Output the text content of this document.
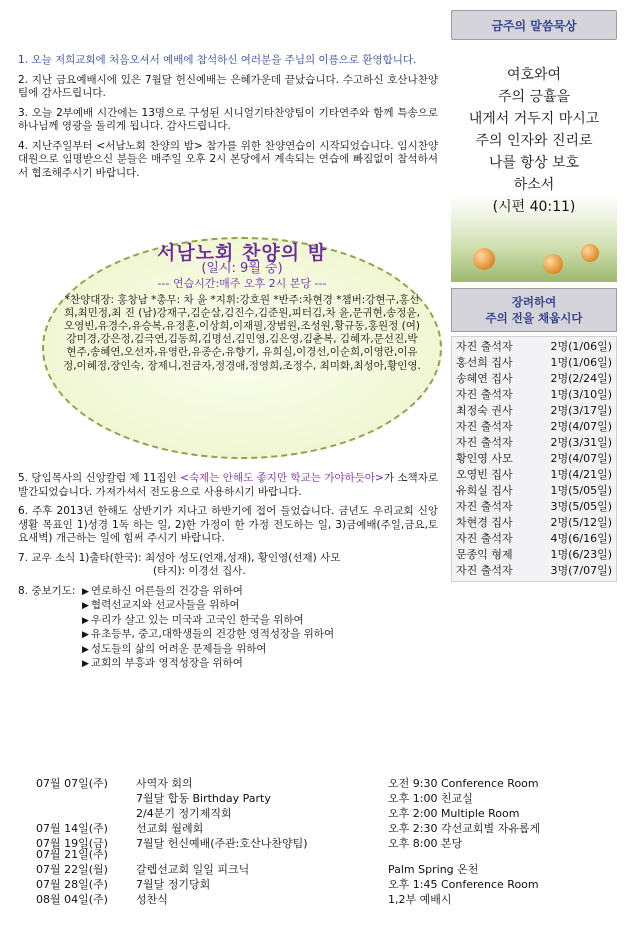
1. 오늘 저희교회에 처음오셔서 예배에 참석하신 여러분을 주님의 이름으로 환영합니다.

2. 지난 금요예배시에 있은 7월달 헌신예배는 은혜가운데 끝났습니다. 수고하신 호산나찬양팀에 감사드립니다.

3. 오늘 2부예배 시간에는 13명으로 구성된 시니얼기타찬양팀이 기타연주와 함께 특송으로 하나님께 영광을 돌리게 됩니다. 감사드립니다.

4. 지난주일부터 <서남노회 찬양의 밤> 참가를 위한 찬양연습이 시작되었습니다. 임시찬양대원으로 임명받으신 분들은 매주일 오후 2시 본당에서 계속되는 연습에 빠짐없이 참석하셔서 협조해주시기 바랍니다.

서남노회 찬양의 밤
(일시: 9월 중)
--- 연습시간:매주 오후 2시 본당 ---
*찬양대장: 홍창남 *총무: 차 윤 *지휘:강호원 *반주:차현경 *챔버:강현구,홍선희,최민정,최 진 (남)강재구,김순삼,김진수,김준원,피터김,차 윤,문귀현,송정윤, 오영빈,유경수,유승복,유정훈,이상희,이재필,장범원,조성원,황규동,홍원정 (여)강미경,강은정,김극연,김동희,김명선,김민영,김은영,김춘복, 김혜자,문선진,박현주,송혜연,오선자,유영란,유종순,유향기, 유희실,이경선,이순희,이영란,이유정,이혜정,장인숙, 장제니,전금자,정경애,정영희,조정수, 최미화,최성아,황인영.

5. 당임목사의 신앙칼럼 제 11집인 <숙제는 안해도 좋지만 학교는 가야하듯아>가 소책자로 발간되었습니다. 가져가셔서 전도용으로 사용하시기 바랍니다.

6. 주후 2013년 한해도 상반기가 지나고 하반기에 접어 들었습니다. 금년도 우리교회 신앙생활 목표인 1)성경 1독 하는 일, 2)한 가정이 한 가정 전도하는 일, 3)금예배(주일,금요,토요새벽) 개근하는 일에 힘써 주시기 바랍니다.

7. 교우 소식 1)출타(한국): 최성아 성도(언재,성재), 황인영(선재) 사모
(타지): 이경선 집사.

8. 중보기도:
▶	연로하신 어른들의 건강을 위하여
▶ 협력선교지와 선교사들을 위하여
▶ 우리가 살고 있는 미국과 고국인 한국을 위하여
▶ 유초등부, 중고,대학생들의 건강한 영적성장을 위하여
▶ 성도들의 삶의 어려운 문제들을 위하여
▶ 교회의 부흥과 영적성장을 위하여
금주의 말씀묵상
여호와여
주의 긍휼을
내게서 거두지 마시고
주의 인자와 진리로
나를 항상 보호
하소서
(시편 40:11)
장려하여
주의 전을 채웁시다
자진 출석자	2명(1/06일)
홍선희 집사	1명(1/06일)
송혜연 집사	2명(2/24일)
자진 출석자	1명(3/10일)
최정숙 권사	2명(3/17일)
자진 출석자	2명(4/07일)
자진 출석자	2명(3/31일)
황인영 사모	2명(4/07일)
오영빈 집사	1명(4/21일)
유희실 집사	1명(5/05일)
자진 출석자	3명(5/05일)
차현경 집사	2명(5/12일)
자진 출석자	4명(6/16일)
문종익 형제	1명(6/23일)
자진 출석자	3명(7/07일)
07월 07일(주)	사역자 회의	오전 9:30 Conference Room
7월달 합동 Birthday Party	오후 1:00 친교실
2/4분기 정기제직회	오후 2:00 Multiple Room
07월 14일(주)	선교회 월례회	오후 2:30 각선교회별 자유롭게
07월 19일(금)	7월달 헌신예배(주관:호산나찬양팀)	오후 8:00 본당
07월 21일(주)
07월 22일(월)	갈렙선교회 일일 피크닉	Palm Spring 온천
07월 28일(주)	7월달 정기당회	오후 1:45 Conference Room
08월 04일(주)	성찬식	1,2부 예배시
